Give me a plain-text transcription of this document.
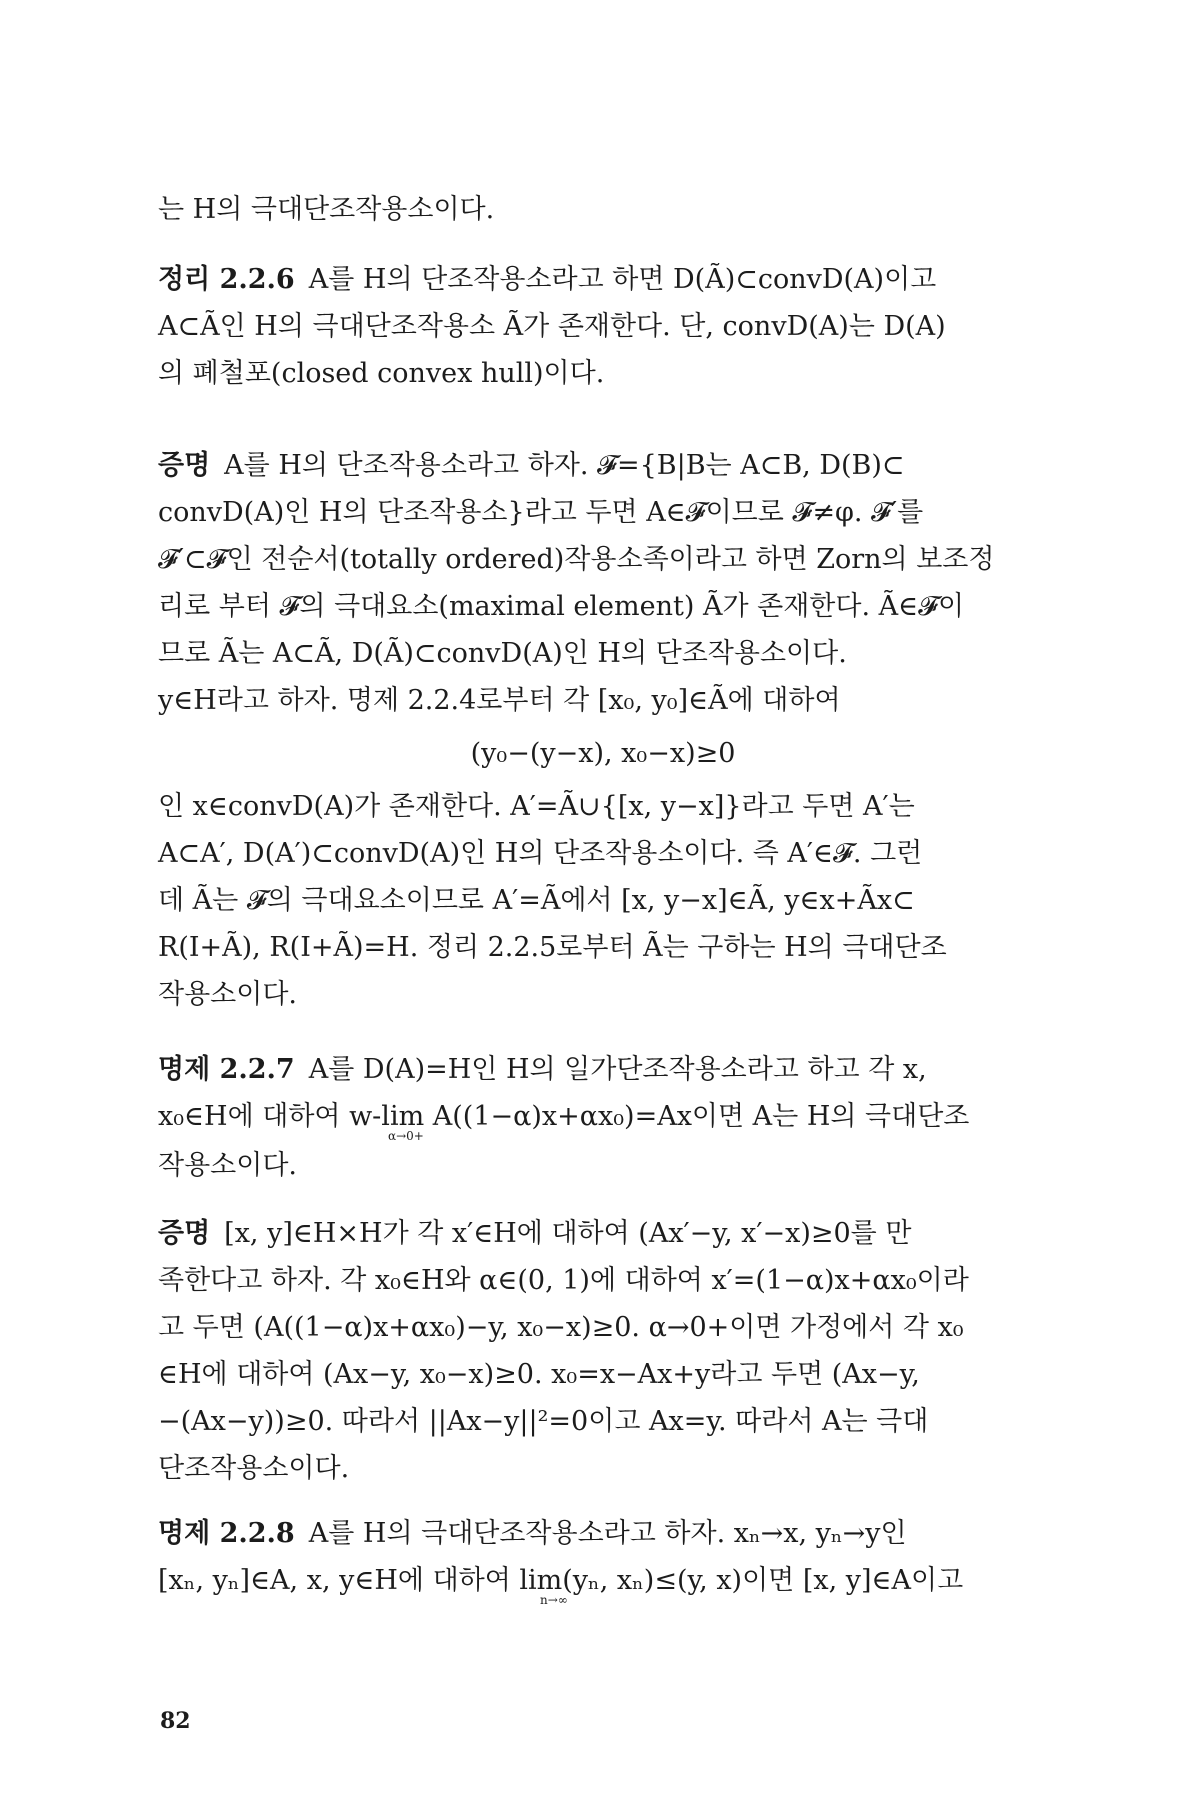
는 H의 극대단조작용소이다.
정리 2.2.6 A를 H의 단조작용소라고 하면 D(Ã)⊂convD(A)이고
A⊂Ã인 H의 극대단조작용소 Ã가 존재한다. 단, convD(A)는 D(A)
의 폐철포(closed convex hull)이다.
증명 A를 H의 단조작용소라고 하자. 𝓕={B|B는 A⊂B, D(B)⊂
convD(A)인 H의 단조작용소}라고 두면 A∈𝓕이므로 𝓕≠φ. 𝓕′를
𝓕′⊂𝓕인 전순서(totally ordered)작용소족이라고 하면 Zorn의 보조정
리로 부터 𝓕의 극대요소(maximal element) Ã가 존재한다. Ã∈𝓕이
므로 Ã는 A⊂Ã, D(Ã)⊂convD(A)인 H의 단조작용소이다.
y∈H라고 하자. 명제 2.2.4로부터 각 [x₀, y₀]∈Ã에 대하여
(y₀−(y−x), x₀−x)≥0
인 x∈convD(A)가 존재한다. A′=Ã∪{[x, y−x]}라고 두면 A′는
A⊂A′, D(A′)⊂convD(A)인 H의 단조작용소이다. 즉 A′∈𝓕. 그런
데 Ã는 𝓕의 극대요소이므로 A′=Ã에서 [x, y−x]∈Ã, y∈x+Ãx⊂
R(I+Ã), R(I+Ã)=H. 정리 2.2.5로부터 Ã는 구하는 H의 극대단조
작용소이다.
명제 2.2.7 A를 D(A)=H인 H의 일가단조작용소라고 하고 각 x,
x₀∈H에 대하여 w-lim A((1−α)x+αx₀)=Ax이면 A는 H의 극대단조
α→0+
작용소이다.
증명 [x, y]∈H×H가 각 x′∈H에 대하여 (Ax′−y, x′−x)≥0를 만
족한다고 하자. 각 x₀∈H와 α∈(0, 1)에 대하여 x′=(1−α)x+αx₀이라
고 두면 (A((1−α)x+αx₀)−y, x₀−x)≥0. α→0+이면 가정에서 각 x₀
∈H에 대하여 (Ax−y, x₀−x)≥0. x₀=x−Ax+y라고 두면 (Ax−y,
−(Ax−y))≥0. 따라서 ||Ax−y||²=0이고 Ax=y. 따라서 A는 극대
단조작용소이다.
명제 2.2.8 A를 H의 극대단조작용소라고 하자. xₙ→x, yₙ→y인
[xₙ, yₙ]∈A, x, y∈H에 대하여 lim(yₙ, xₙ)≤(y, x)이면 [x, y]∈A이고
n→∞
82
